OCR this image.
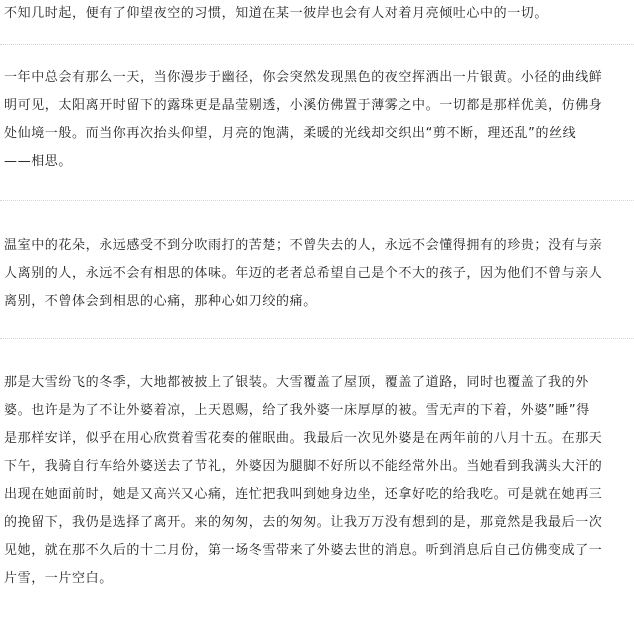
不知几时起，便有了仰望夜空的习惯，知道在某一彼岸也会有人对着月亮倾吐心中的一切。
一年中总会有那么一天，当你漫步于幽径，你会突然发现黑色的夜空挥洒出一片银黄。小径的曲线鲜
明可见，太阳离开时留下的露珠更是晶莹剔透，小溪仿佛置于薄雾之中。一切都是那样优美，仿佛身
处仙境一般。而当你再次抬头仰望，月亮的饱满，柔暖的光线却交织出“剪不断，理还乱”的丝线
——相思。
温室中的花朵，永远感受不到分吹雨打的苦楚；不曾失去的人，永远不会懂得拥有的珍贵；没有与亲
人离别的人，永远不会有相思的体味。年迈的老者总希望自己是个不大的孩子，因为他们不曾与亲人
离别，不曾体会到相思的心痛，那种心如刀绞的痛。
那是大雪纷飞的冬季，大地都被披上了银装。大雪覆盖了屋顶，覆盖了道路，同时也覆盖了我的外
婆。也许是为了不让外婆着凉，上天恩赐，给了我外婆一床厚厚的被。雪无声的下着，外婆”睡”得
是那样安详，似乎在用心欣赏着雪花奏的催眠曲。我最后一次见外婆是在两年前的八月十五。在那天
下午，我骑自行车给外婆送去了节礼，外婆因为腿脚不好所以不能经常外出。当她看到我满头大汗的
出现在她面前时，她是又高兴又心痛，连忙把我叫到她身边坐，还拿好吃的给我吃。可是就在她再三
的挽留下，我仍是选择了离开。来的匆匆，去的匆匆。让我万万没有想到的是，那竟然是我最后一次
见她，就在那不久后的十二月份，第一场冬雪带来了外婆去世的消息。听到消息后自己仿佛变成了一
片雪，一片空白。
